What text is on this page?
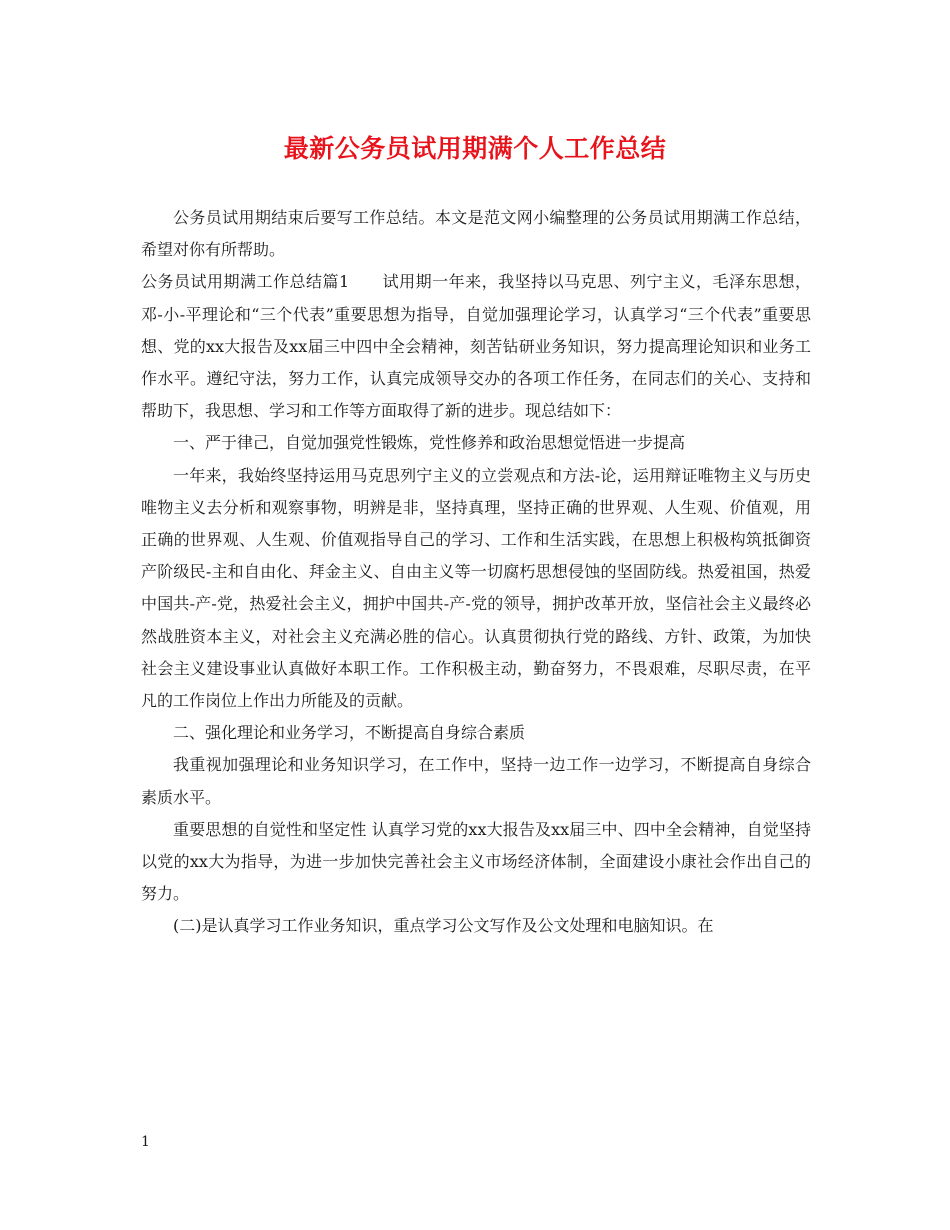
最新公务员试用期满个人工作总结

公务员试用期结束后要写工作总结。本文是范文网小编整理的公务员试用期满工作总结，希望对你有所帮助。

公务员试用期满工作总结篇1　　试用期一年来，我坚持以马克思、列宁主义，毛泽东思想，邓-小-平理论和“三个代表”重要思想为指导，自觉加强理论学习，认真学习“三个代表”重要思想、党的xx大报告及xx届三中四中全会精神，刻苦钻研业务知识，努力提高理论知识和业务工作水平。遵纪守法，努力工作，认真完成领导交办的各项工作任务，在同志们的关心、支持和帮助下，我思想、学习和工作等方面取得了新的进步。现总结如下：

一、严于律己，自觉加强党性锻炼，党性修养和政治思想觉悟进一步提高

一年来，我始终坚持运用马克思列宁主义的立尝观点和方法-论，运用辩证唯物主义与历史唯物主义去分析和观察事物，明辨是非，坚持真理，坚持正确的世界观、人生观、价值观，用正确的世界观、人生观、价值观指导自己的学习、工作和生活实践，在思想上积极构筑抵御资产阶级民-主和自由化、拜金主义、自由主义等一切腐朽思想侵蚀的坚固防线。热爱祖国，热爱中国共-产-党，热爱社会主义，拥护中国共-产-党的领导，拥护改革开放，坚信社会主义最终必然战胜资本主义，对社会主义充满必胜的信心。认真贯彻执行党的路线、方针、政策，为加快社会主义建设事业认真做好本职工作。工作积极主动，勤奋努力，不畏艰难，尽职尽责，在平凡的工作岗位上作出力所能及的贡献。

二、强化理论和业务学习，不断提高自身综合素质

我重视加强理论和业务知识学习，在工作中，坚持一边工作一边学习，不断提高自身综合素质水平。

重要思想的自觉性和坚定性 认真学习党的xx大报告及xx届三中、四中全会精神，自觉坚持以党的xx大为指导，为进一步加快完善社会主义市场经济体制，全面建设小康社会作出自己的努力。

(二)是认真学习工作业务知识，重点学习公文写作及公文处理和电脑知识。在

1
